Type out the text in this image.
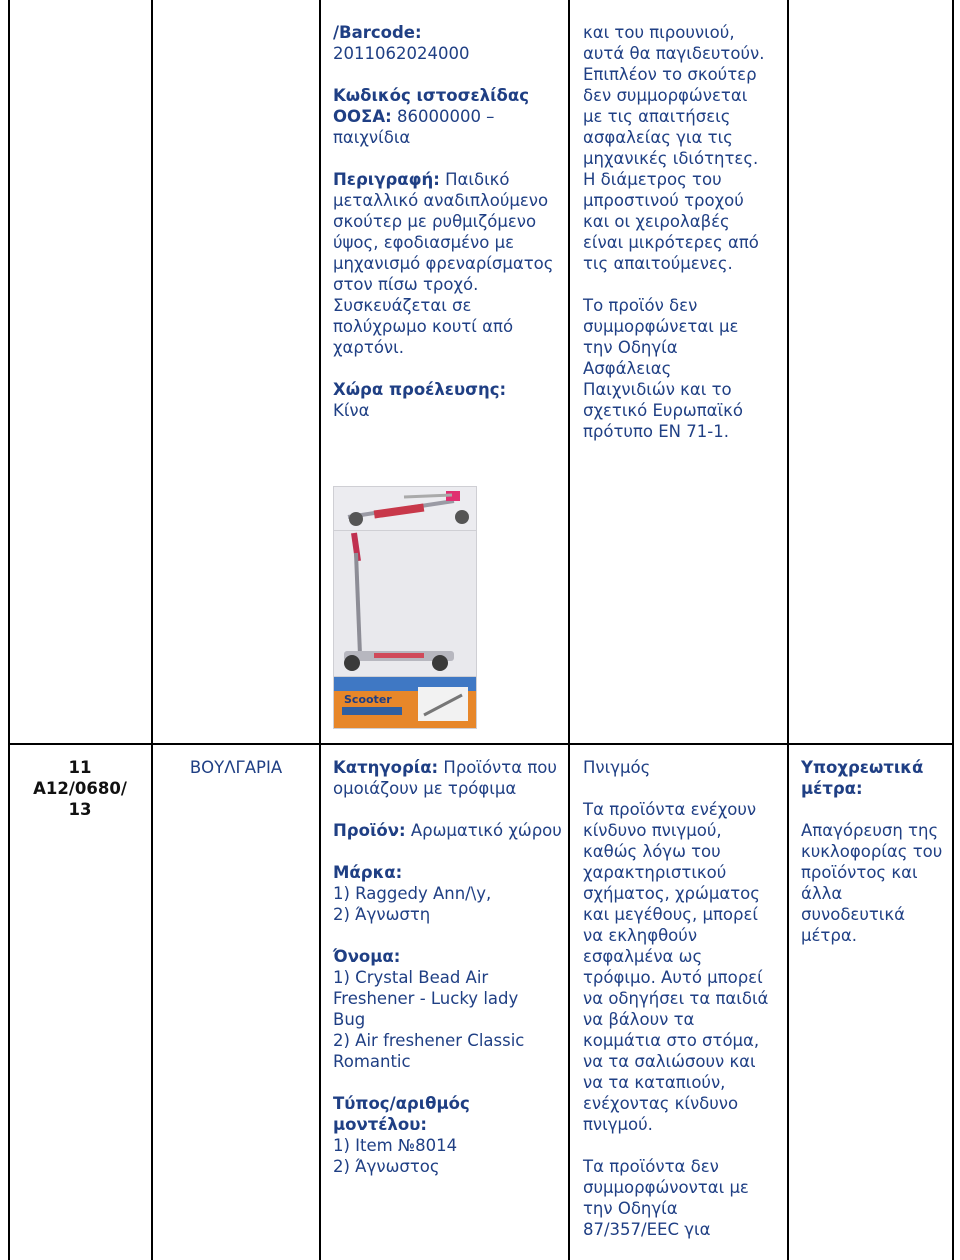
/Barcode:
2011062024000

Κωδικός ιστοσελίδας ΟΟΣΑ: 86000000 – παιχνίδια

Περιγραφή: Παιδικό μεταλλικό αναδιπλούμενο σκούτερ με ρυθμιζόμενο ύψος, εφοδιασμένο με μηχανισμό φρεναρίσματος στον πίσω τροχό. Συσκευάζεται σε πολύχρωμο κουτί από χαρτόνι.

Χώρα προέλευσης:
Κίνα

και του πιρουνιού,
αυτά θα παγιδευτούν.
Επιπλέον το σκούτερ
δεν συμμορφώνεται
με τις απαιτήσεις
ασφαλείας για τις
μηχανικές ιδιότητες.
Η διάμετρος του
μπροστινού τροχού
και οι χειρολαβές
είναι μικρότερες από
τις απαιτούμενες.
Το προϊόν δεν
συμμορφώνεται με
την Οδηγία
Ασφάλειας
Παιχνιδιών και το
σχετικό Ευρωπαϊκό
πρότυπο EN 71-1.
Scooter
11
A12/0680/
13
ΒΟΥΛΓΑΡΙΑ	Κατηγορία: Προϊόντα που ομοιάζουν με τρόφιμα

Προϊόν: Αρωματικό χώρου

Μάρκα:
1) Raggedy Ann/\y,
2) Άγνωστη

Όνομα:
1) Crystal Bead Air
Freshener - Lucky lady
Bug
2) Air freshener Classic
Romantic

Τύπος/αριθμός μοντέλου:
1) Item №8014
2) Άγνωστος

Πνιγμός
Τα προϊόντα ενέχουν
κίνδυνο πνιγμού,
καθώς λόγω του
χαρακτηριστικού
σχήματος, χρώματος
και μεγέθους, μπορεί
να εκληφθούν
εσφαλμένα ως
τρόφιμο. Αυτό μπορεί
να οδηγήσει τα παιδιά
να βάλουν τα
κομμάτια στο στόμα,
να τα σαλιώσουν και
να τα καταπιούν,
ενέχοντας κίνδυνο
πνιγμού.
Τα προϊόντα δεν
συμμορφώνονται με
την Οδηγία
87/357/ΕΕC για

Υποχρεωτικά μέτρα:

Απαγόρευση της κυκλοφορίας του προϊόντος και άλλα συνοδευτικά μέτρα.
